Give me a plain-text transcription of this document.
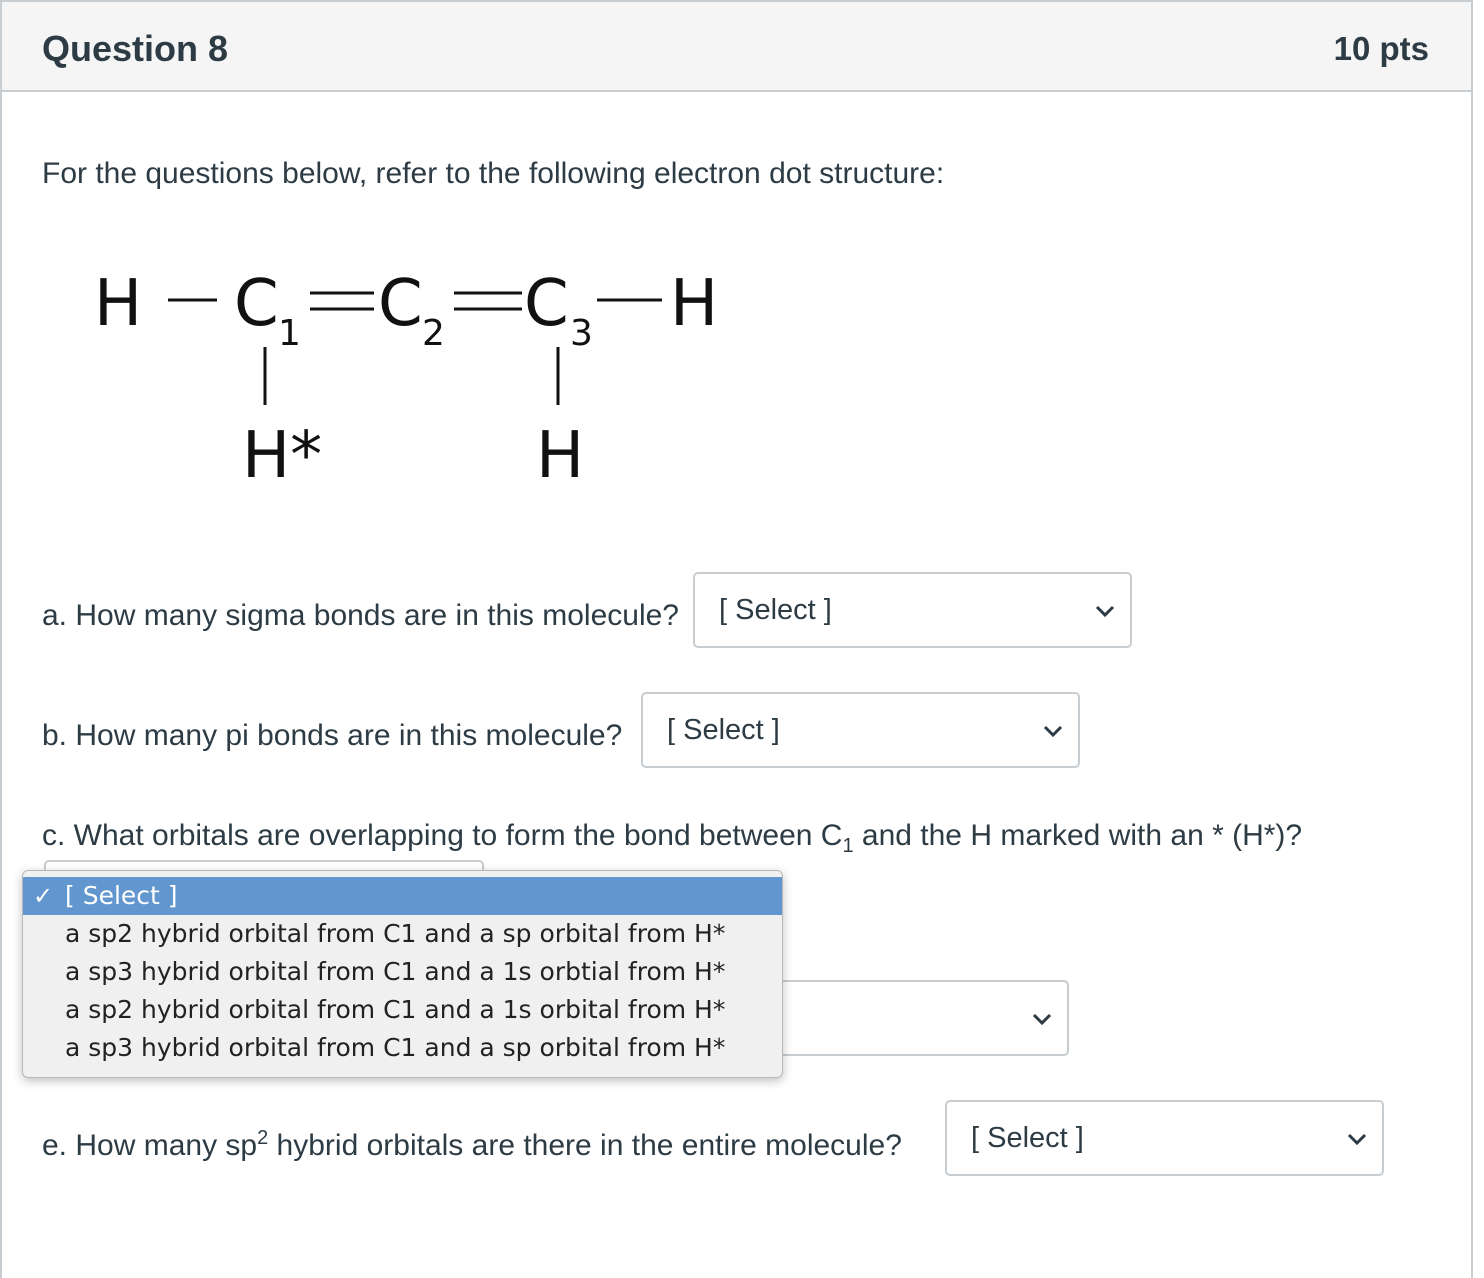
Question 8	10 pts
For the questions below, refer to the following electron dot structure:
H C 1 C 2 C 3 H
H*	H
a. How many sigma bonds are in this molecule? [ Select ]
b. How many pi bonds are in this molecule? [ Select ]
c. What orbitals are overlapping to form the bond between $C_1$ and the H marked with an * (H*)?
e. How many $sp^2$ hybrid orbitals are there in the entire molecule? [ Select ]
✓ [ Select ]
a sp2 hybrid orbital from C1 and a sp orbital from H*
a sp3 hybrid orbital from C1 and a 1s orbtial from H*
a sp2 hybrid orbital from C1 and a 1s orbital from H*
a sp3 hybrid orbital from C1 and a sp orbital from H*
